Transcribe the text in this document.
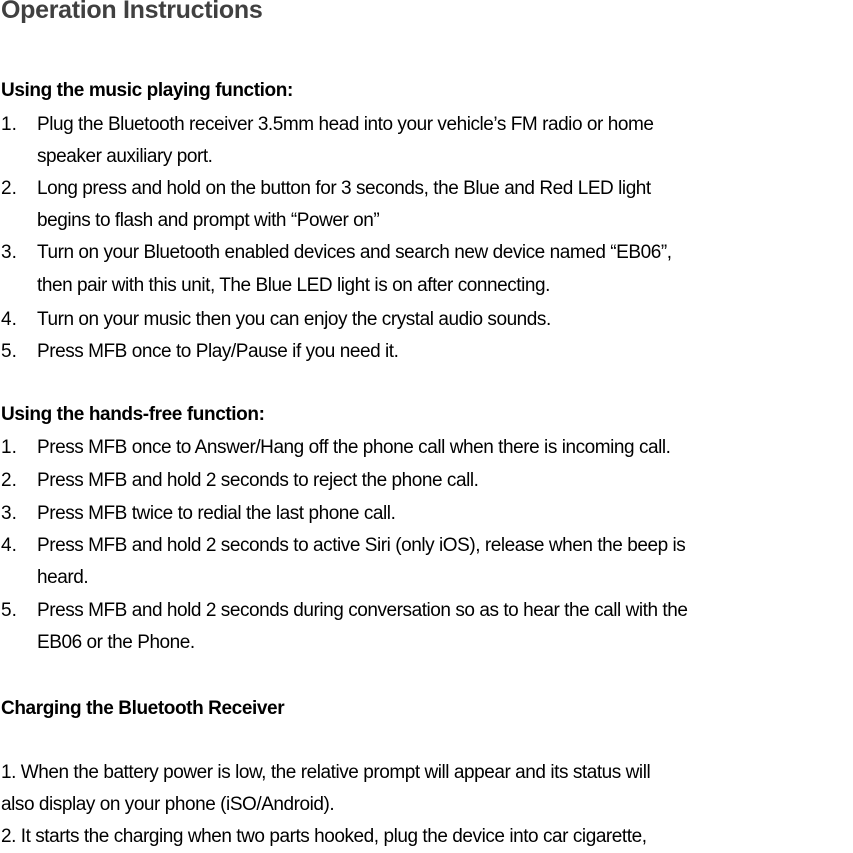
Operation Instructions
Using the music playing function:
1. Plug the Bluetooth receiver 3.5mm head into your vehicle’s FM radio or home
speaker auxiliary port.
2. Long press and hold on the button for 3 seconds, the Blue and Red LED light
begins to flash and prompt with “Power on”
3. Turn on your Bluetooth enabled devices and search new device named “EB06”,
then pair with this unit, The Blue LED light is on after connecting.
4. Turn on your music then you can enjoy the crystal audio sounds.
5. Press MFB once to Play/Pause if you need it.
Using the hands-free function:
1. Press MFB once to Answer/Hang off the phone call when there is incoming call.
2. Press MFB and hold 2 seconds to reject the phone call.
3. Press MFB twice to redial the last phone call.
4. Press MFB and hold 2 seconds to active Siri (only iOS), release when the beep is
heard.
5. Press MFB and hold 2 seconds during conversation so as to hear the call with the
EB06 or the Phone.
Charging the Bluetooth Receiver
1. When the battery power is low, the relative prompt will appear and its status will
also display on your phone (iSO/Android).
2. It starts the charging when two parts hooked, plug the device into car cigarette,
